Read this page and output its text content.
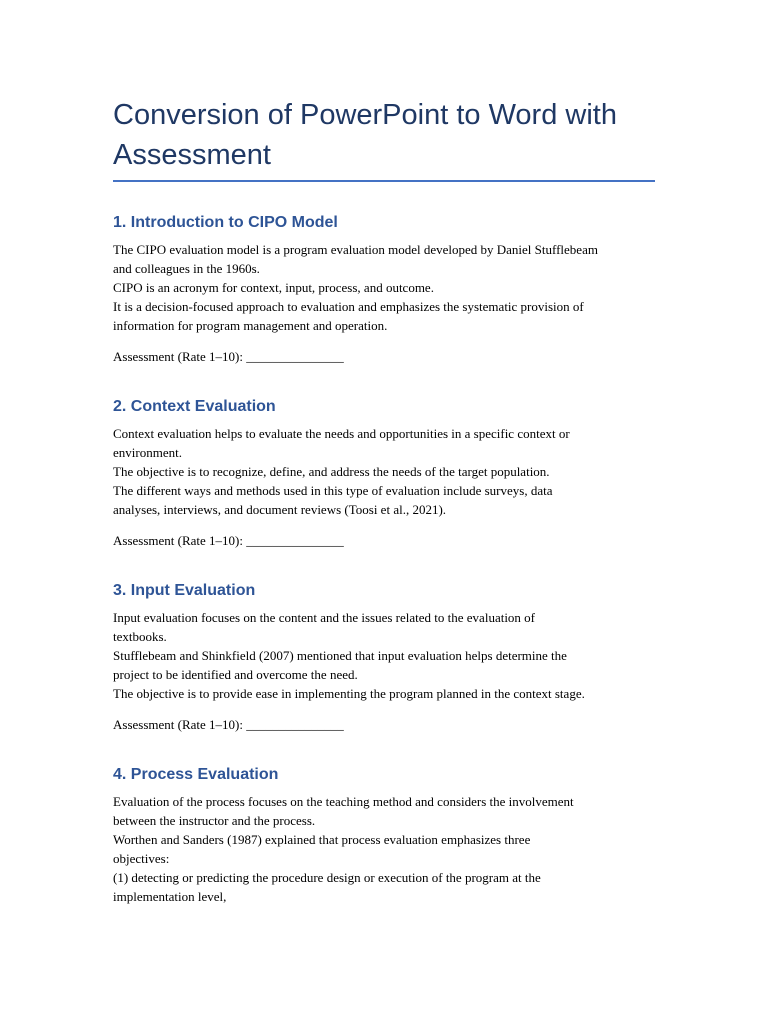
Conversion of PowerPoint to Word with Assessment
1. Introduction to CIPO Model

The CIPO evaluation model is a program evaluation model developed by Daniel Stufflebeam

and colleagues in the 1960s.

CIPO is an acronym for context, input, process, and outcome.

It is a decision-focused approach to evaluation and emphasizes the systematic provision of

information for program management and operation.

Assessment (Rate 1–10): _______________

2. Context Evaluation

Context evaluation helps to evaluate the needs and opportunities in a specific context or

environment.

The objective is to recognize, define, and address the needs of the target population.

The different ways and methods used in this type of evaluation include surveys, data

analyses, interviews, and document reviews (Toosi et al., 2021).

Assessment (Rate 1–10): _______________

3. Input Evaluation

Input evaluation focuses on the content and the issues related to the evaluation of

textbooks.

Stufflebeam and Shinkfield (2007) mentioned that input evaluation helps determine the

project to be identified and overcome the need.

The objective is to provide ease in implementing the program planned in the context stage.

Assessment (Rate 1–10): _______________

4. Process Evaluation

Evaluation of the process focuses on the teaching method and considers the involvement

between the instructor and the process.

Worthen and Sanders (1987) explained that process evaluation emphasizes three

objectives:

(1) detecting or predicting the procedure design or execution of the program at the

implementation level,
